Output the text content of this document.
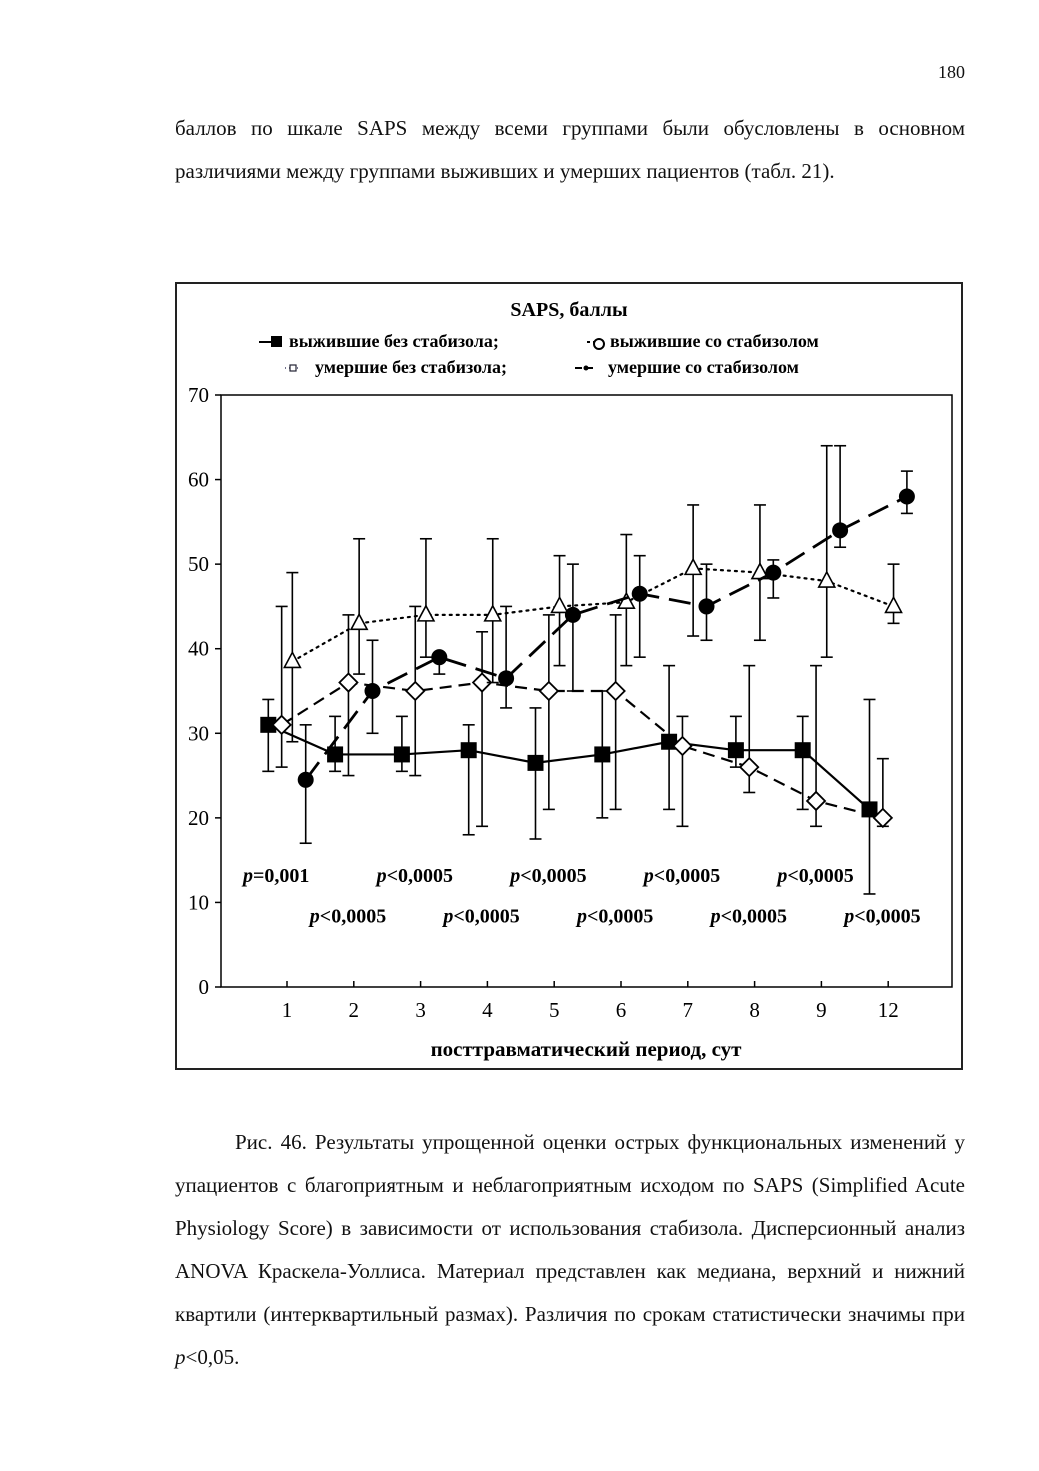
180
баллов по шкале SAPS между всеми группами были обусловлены в основном различиями между группами выживших и умерших пациентов (табл. 21).
SAPS, баллы
выжившие без стабизола;	выжившие со стабизолом
умершие без стабизола;	умершие со стабизолом
0
10
20
30
40
50
60
70
1	2	3	4	5	6	7	8	9 12
p=0,001	p<0,0005	p<0,0005	p<0,0005	p<0,0005
p<0,0005	p<0,0005	p<0,0005	p<0,0005	p<0,0005
посттравматический период, сут
Рис. 46. Результаты упрощенной оценки острых функциональных изменений у упациентов с благоприятным и неблагоприятным исходом по SAPS (Simplified Acute Physiology Score) в зависимости от использования стабизола. Дисперсионный анализ ANOVA Краскела-Уоллиса. Материал представлен как медиана, верхний и нижний квартили (интерквартильный размах). Различия по срокам статистически значимы при p<0,05.
